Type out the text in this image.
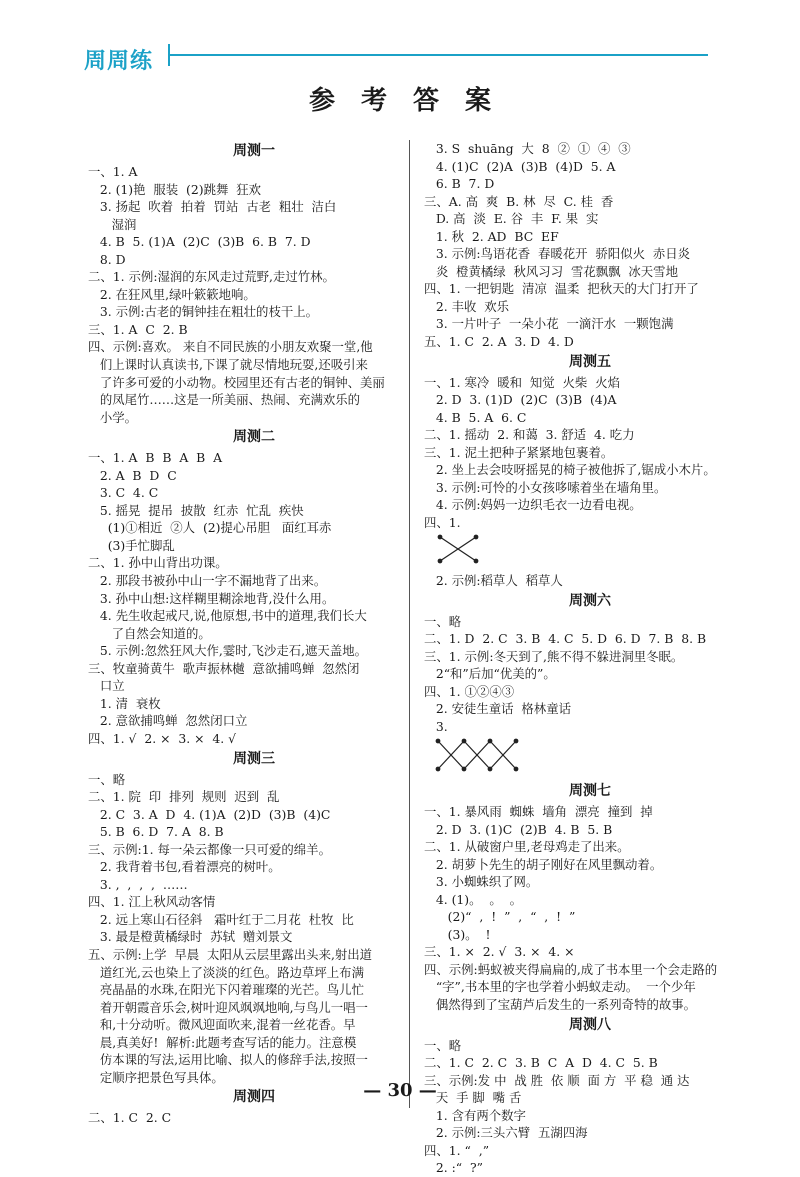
周周练
参考答案
周测一
一、1. A
2. (1)艳  服装  (2)跳舞  狂欢
3. 扬起  吹着  拍着  罚站  古老  粗壮  洁白
湿润
4. B  5. (1)A  (2)C  (3)B  6. B  7. D
8. D
二、1. 示例:湿润的东风走过荒野,走过竹林。
2. 在狂风里,绿叶簌簌地响。
3. 示例:古老的铜钟挂在粗壮的枝干上。
三、1. A  C  2. B
四、示例:喜欢。 来自不同民族的小朋友欢聚一堂,他
们上课时认真读书,下课了就尽情地玩耍,还吸引来
了许多可爱的小动物。校园里还有古老的铜钟、美丽
的凤尾竹……这是一所美丽、热闹、充满欢乐的
小学。
周测二
一、1. A  B  B  A  B  A
2. A  B  D  C
3. C  4. C
5. 摇晃  提吊  披散  红赤  忙乱  疾快
(1)①相近  ②人  (2)提心吊胆   面红耳赤
(3)手忙脚乱
二、1. 孙中山背出功课。
2. 那段书被孙中山一字不漏地背了出来。
3. 孙中山想:这样糊里糊涂地背,没什么用。
4. 先生收起戒尺,说,他原想,书中的道理,我们长大
了自然会知道的。
5. 示例:忽然狂风大作,霎时,飞沙走石,遮天盖地。
三、牧童骑黄牛  歌声振林樾  意欲捕鸣蝉  忽然闭
口立
1. 清  衰枚
2. 意欲捕鸣蝉  忽然闭口立
四、1. √  2. ×  3. ×  4. √
周测三
一、略
二、1. 院  印  排列  规则  迟到  乱
2. C  3. A  D  4. (1)A  (2)D  (3)B  (4)C
5. B  6. D  7. A  8. B
三、示例:1. 每一朵云都像一只可爱的绵羊。
2. 我背着书包,看着漂亮的树叶。
3. ,  ,  ,  ,  ……
四、1. 江上秋风动客情
2. 远上寒山石径斜   霜叶红于二月花  杜牧  比
3. 最是橙黄橘绿时  苏轼  赠刘景文
五、示例:上学  早晨  太阳从云层里露出头来,射出道
道红光,云也染上了淡淡的红色。路边草坪上布满
亮晶晶的水珠,在阳光下闪着璀璨的光芒。鸟儿忙
着开朝霞音乐会,树叶迎风飒飒地响,与鸟儿一唱一
和,十分动听。微风迎面吹来,混着一丝花香。早
晨,真美好!  解析:此题考查写话的能力。注意模
仿本课的写法,运用比喻、拟人的修辞手法,按照一
定顺序把景色写具体。
周测四
二、1. C  2. C
3. S  shuāng  大  8  ②  ①  ④  ③
4. (1)C  (2)A  (3)B  (4)D  5. A
6. B  7. D
三、A. 高  爽  B. 林  尽  C. 桂  香
D. 高  淡  E. 谷  丰  F. 果  实
1. 秋  2. AD  BC  EF
3. 示例:鸟语花香  春暖花开  骄阳似火  赤日炎
炎  橙黄橘绿  秋风习习  雪花飘飘  冰天雪地
四、1. 一把钥匙  清凉  温柔  把秋天的大门打开了
2. 丰收  欢乐
3. 一片叶子  一朵小花  一滴汗水  一颗饱满
五、1. C  2. A  3. D  4. D
周测五
一、1. 寒冷  暖和  知觉  火柴  火焰
2. D  3. (1)D  (2)C  (3)B  (4)A
4. B  5. A  6. C
二、1. 摇动  2. 和蔼  3. 舒适  4. 吃力
三、1. 泥土把种子紧紧地包裹着。
2. 坐上去会吱呀摇晃的椅子被他拆了,锯成小木片。
3. 示例:可怜的小女孩哆嗦着坐在墙角里。
4. 示例:妈妈一边织毛衣一边看电视。
四、1.
2. 示例:稻草人  稻草人
周测六
一、略
二、1. D  2. C  3. B  4. C  5. D  6. D  7. B  8. B
三、1. 示例:冬天到了,熊不得不躲进洞里冬眠。
2“和”后加“优美的”。
四、1. ①②④③
2. 安徒生童话  格林童话
3.
周测七
一、1. 暴风雨  蜘蛛  墙角  漂亮  撞到  掉
2. D  3. (1)C  (2)B  4. B  5. B
二、1. 从破窗户里,老母鸡走了出来。
2. 胡萝卜先生的胡子刚好在风里飘动着。
3. 小蜘蛛织了网。
4. (1)。  。  。
(2)“  ,  !  ”  ,  “  ,  !  ”
(3)。  !
三、1. ×  2. √  3. ×  4. ×
四、示例:蚂蚁被夹得扁扁的,成了书本里一个会走路的
“字”,书本里的字也学着小蚂蚁走动。  一个少年
偶然得到了宝葫芦后发生的一系列奇特的故事。
周测八
一、略
二、1. C  2. C  3. B  C  A  D  4. C  5. B
三、示例:发 中  战 胜  依 顺  面 方  平 稳  通 达
天  手 脚  嘴 舌
1. 含有两个数字
2. 示例:三头六臂  五湖四海
四、1. “  ,”
2. :“  ?”
— 30 —
